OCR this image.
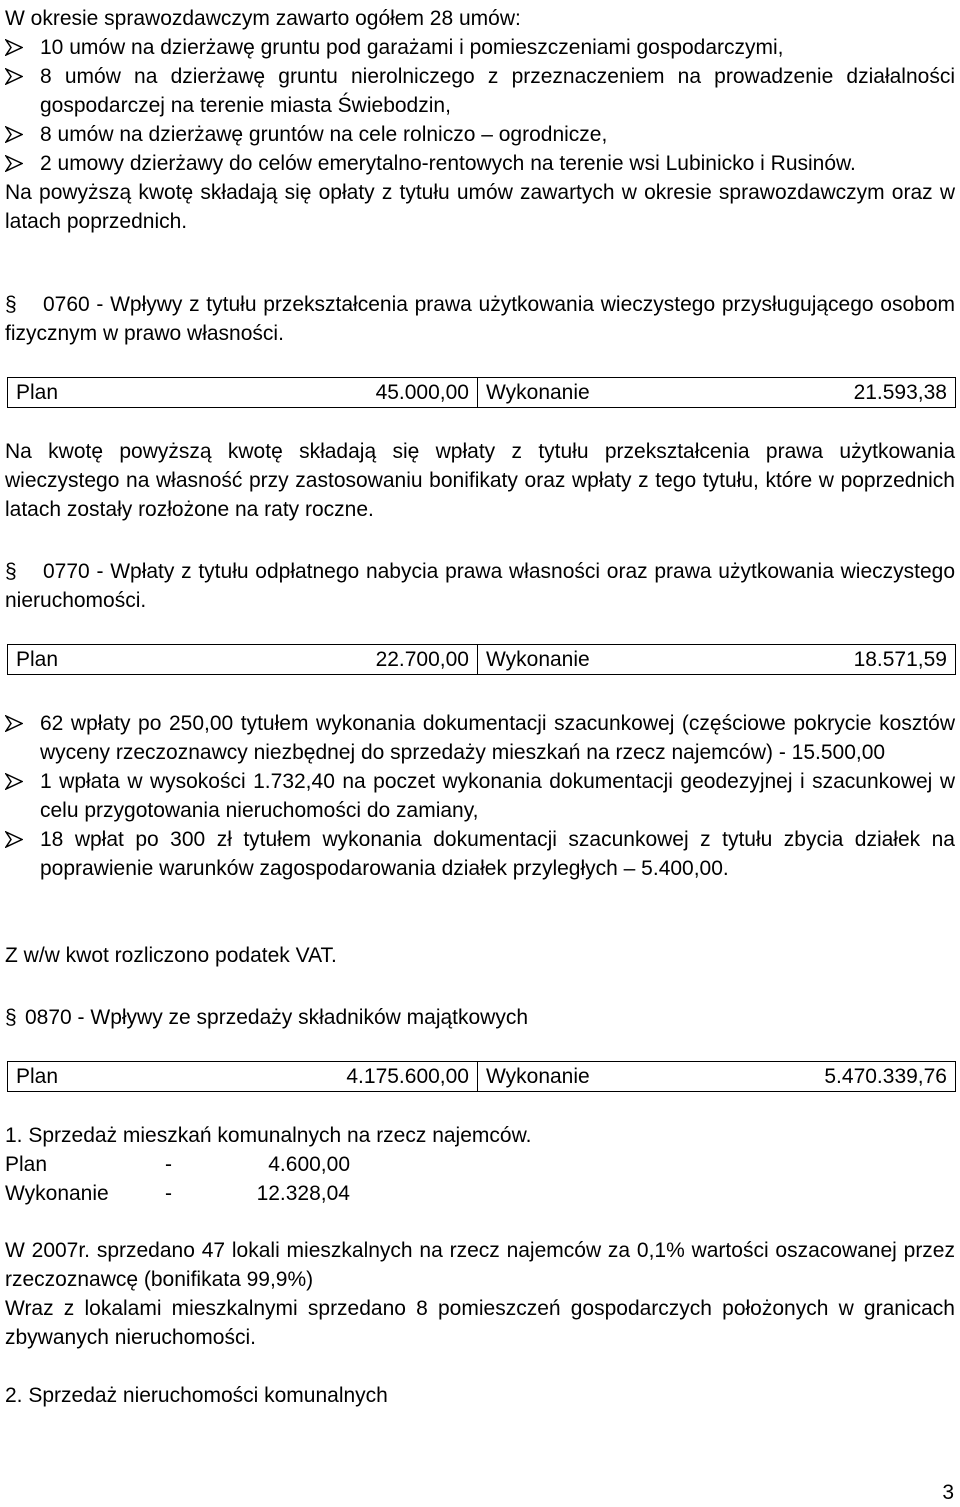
W okresie sprawozdawczym zawarto ogółem 28 umów:

10 umów na dzierżawę gruntu pod garażami i pomieszczeniami gospodarczymi,
8 umów na dzierżawę gruntu nierolniczego z przeznaczeniem na prowadzenie działalności gospodarczej na terenie miasta Świebodzin,
8 umów na dzierżawę gruntów na cele rolniczo – ogrodnicze,
2 umowy dzierżawy do celów emerytalno-rentowych na terenie wsi Lubinicko i Rusinów.

Na powyższą kwotę składają się opłaty z tytułu umów zawartych w okresie sprawozdawczym oraz w latach poprzednich.

§ 0760 - Wpływy z tytułu przekształcenia prawa użytkowania wieczystego przysługującego osobom fizycznym w prawo własności.

Plan	45.000,00	Wykonanie	21.593,38

Na kwotę powyższą kwotę składają się wpłaty z tytułu przekształcenia prawa użytkowania wieczystego na własność przy zastosowaniu bonifikaty oraz wpłaty z tego tytułu, które w poprzednich latach zostały rozłożone na raty roczne.

§ 0770 - Wpłaty z tytułu odpłatnego nabycia prawa własności oraz prawa użytkowania wieczystego nieruchomości.

Plan	22.700,00	Wykonanie	18.571,59
62 wpłaty po 250,00 tytułem wykonania dokumentacji szacunkowej (częściowe pokrycie kosztów wyceny rzeczoznawcy niezbędnej do sprzedaży mieszkań na rzecz najemców) - 15.500,00
1 wpłata w wysokości 1.732,40 na poczet wykonania dokumentacji geodezyjnej i szacunkowej w celu przygotowania nieruchomości do zamiany,
18 wpłat po 300 zł tytułem wykonania dokumentacji szacunkowej z tytułu zbycia działek na poprawienie warunków zagospodarowania działek przyległych – 5.400,00.

Z w/w kwot rozliczono podatek VAT.

§ 0870 - Wpływy ze sprzedaży składników majątkowych

Plan	4.175.600,00	Wykonanie	5.470.339,76

1. Sprzedaż mieszkań komunalnych na rzecz najemców.

Plan	-	4.600,00
Wykonanie	-	12.328,04

W 2007r. sprzedano 47 lokali mieszkalnych na rzecz najemców za 0,1% wartości oszacowanej przez rzeczoznawcę (bonifikata 99,9%)

Wraz z lokalami mieszkalnymi sprzedano 8 pomieszczeń gospodarczych położonych w granicach zbywanych nieruchomości.

2. Sprzedaż nieruchomości komunalnych

3
